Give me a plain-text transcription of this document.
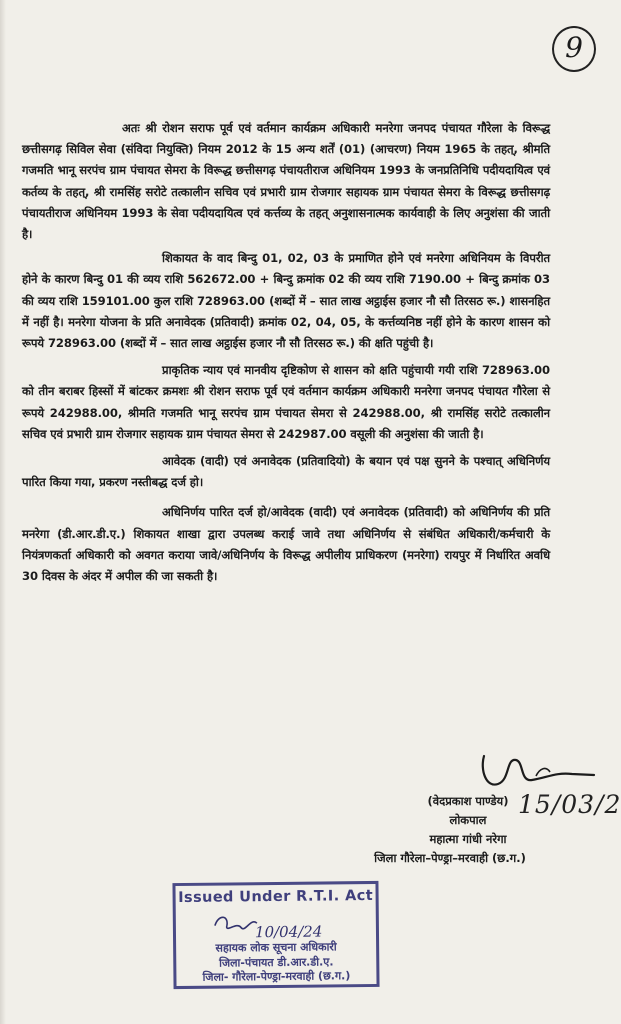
9

अतः श्री रोशन सराफ पूर्व एवं वर्तमान कार्यक्रम अधिकारी मनरेगा जनपद पंचायत गौरेला के विरूद्ध छत्तीसगढ़ सिविल सेवा (संविदा नियुक्ति) नियम 2012 के 15 अन्य शर्तें (01) (आचरण) नियम 1965 के तहत्, श्रीमति गजमति भानू सरपंच ग्राम पंचायत सेमरा के विरूद्ध छत्तीसगढ़ पंचायतीराज अधिनियम 1993 के जनप्रतिनिधि पदीयदायित्व एवं कर्तव्य के तहत्, श्री रामसिंह सरोटे तत्कालीन सचिव एवं प्रभारी ग्राम रोजगार सहायक ग्राम पंचायत सेमरा के विरूद्ध छत्तीसगढ़ पंचायतीराज अधिनियम 1993 के सेवा पदीयदायित्व एवं कर्त्तव्य के तहत् अनुशासनात्मक कार्यवाही के लिए अनुशंसा की जाती है।

शिकायत के वाद बिन्दु 01, 02, 03 के प्रमाणित होने एवं मनरेगा अधिनियम के विपरीत होने के कारण बिन्दु 01 की व्यय राशि 562672.00 + बिन्दु क्रमांक 02 की व्यय राशि 7190.00 + बिन्दु क्रमांक 03 की व्यय राशि 159101.00 कुल राशि 728963.00 (शब्दों में – सात लाख अट्ठाईस हजार नौ सौ तिरसठ रू.) शासनहित में नहीं है। मनरेगा योजना के प्रति अनावेदक (प्रतिवादी) क्रमांक 02, 04, 05, के कर्त्तव्यनिष्ठ नहीं होने के कारण शासन को रूपये 728963.00 (शब्दों में – सात लाख अट्ठाईस हजार नौ सौ तिरसठ रू.) की क्षति पहुंची है।

प्राकृतिक न्याय एवं मानवीय दृष्टिकोण से शासन को क्षति पहुंचायी गयी राशि 728963.00 को तीन बराबर हिस्सों में बांटकर क्रमशः श्री रोशन सराफ पूर्व एवं वर्तमान कार्यक्रम अधिकारी मनरेगा जनपद पंचायत गौरेला से रूपये 242988.00, श्रीमति गजमति भानू सरपंच ग्राम पंचायत सेमरा से 242988.00, श्री रामसिंह सरोटे तत्कालीन सचिव एवं प्रभारी ग्राम रोजगार सहायक ग्राम पंचायत सेमरा से 242987.00 वसूली की अनुशंसा की जाती है।

आवेदक (वादी) एवं अनावेदक (प्रतिवादियो) के बयान एवं पक्ष सुनने के पश्चात् अधिनिर्णय पारित किया गया, प्रकरण नस्तीबद्ध दर्ज हो।

अधिनिर्णय पारित दर्ज हो/आवेदक (वादी) एवं अनावेदक (प्रतिवादी) को अधिनिर्णय की प्रति मनरेगा (डी.आर.डी.ए.) शिकायत शाखा द्वारा उपलब्ध कराई जावे तथा अधिनिर्णय से संबंधित अधिकारी/कर्मचारी के नियंत्रणकर्ता अधिकारी को अवगत कराया जावे/अधिनिर्णय के विरूद्ध अपीलीय प्राधिकरण (मनरेगा) रायपुर में निर्धारित अवधि 30 दिवस के अंदर में अपील की जा सकती है।

15/03/2
(वेदप्रकाश पाण्डेय)
लोकपाल
महात्मा गांधी नरेगा
जिला गौरेला–पेण्ड्रा–मरवाही (छ.ग.)
Issued Under R.T.I. Act
10/04/24
सहायक लोक सूचना अधिकारी
जिला-पंचायत डी.आर.डी.ए.
जिला- गौरेला-पेण्ड्रा-मरवाही (छ.ग.)
